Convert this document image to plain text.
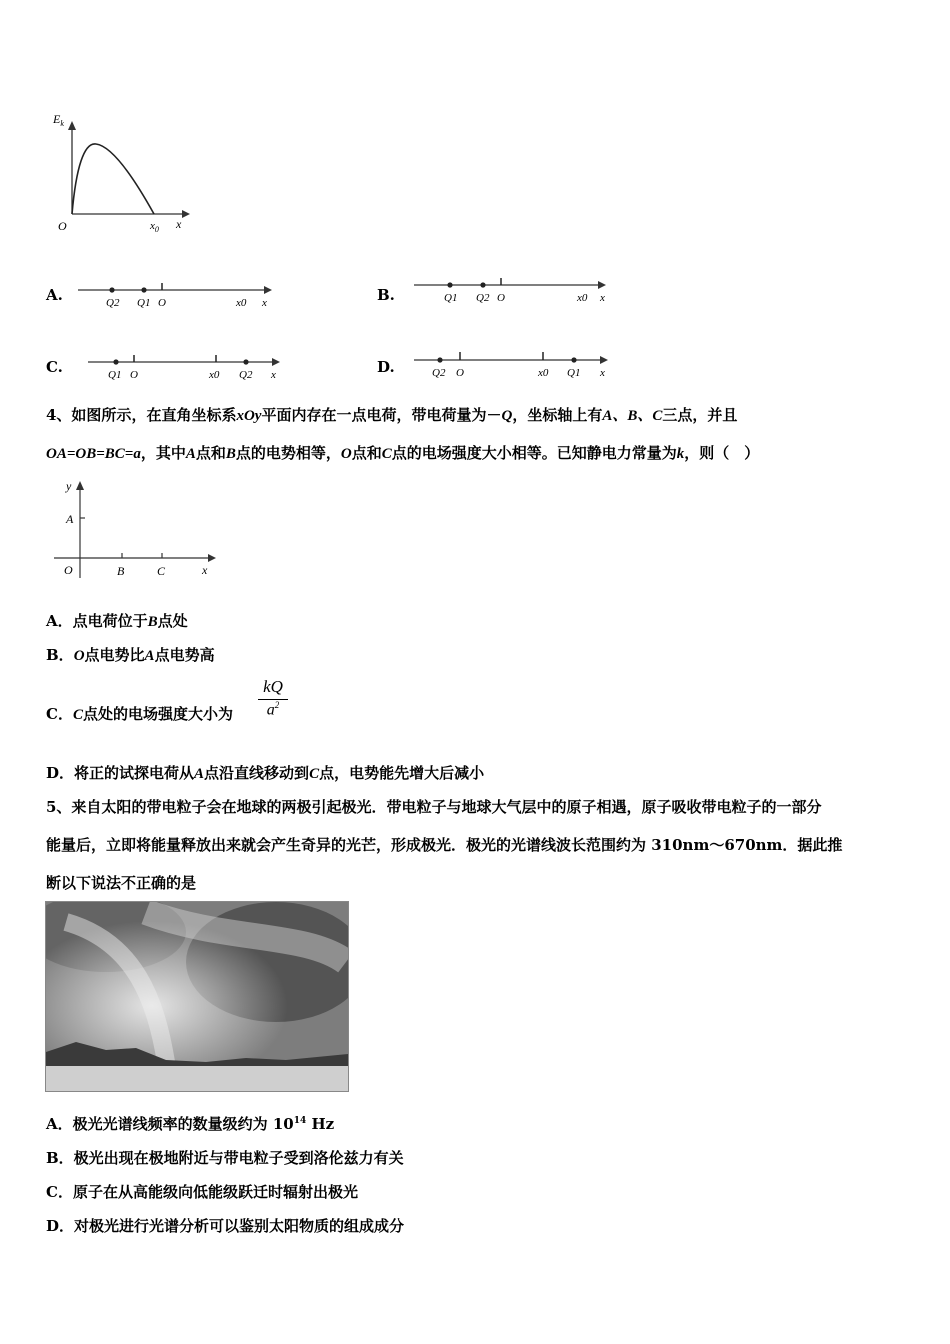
$E_k$
O	$x_0$ x
A.	Q2 Q1 O	x0 x	B.	Q1 Q2 O	x0 x
C.	Q1 O	x0 Q2 x	D.	Q2 O	x0 Q1 x
4、如图所示，在直角坐标系xOy平面内存在一点电荷，带电荷量为－Q，坐标轴上有A、B、C三点，并且
OA=OB=BC=a，其中A点和B点的电势相等，O点和C点的电场强度大小相等。已知静电力常量为k，则（　）
y
A
O	B	C	x
A．点电荷位于B点处
B．O点电势比A点电势高
C．C点处的电场强度大小为
kQ
$a^2$
D．将正的试探电荷从A点沿直线移动到C点，电势能先增大后减小
5、来自太阳的带电粒子会在地球的两极引起极光．带电粒子与地球大气层中的原子相遇，原子吸收带电粒子的一部分
能量后，立即将能量释放出来就会产生奇异的光芒，形成极光．极光的光谱线波长范围约为 310nm～670nm．据此推
断以下说法不正确的是
A．极光光谱线频率的数量级约为 $10^{14}$ Hz
B．极光出现在极地附近与带电粒子受到洛伦兹力有关
C．原子在从高能级向低能级跃迁时辐射出极光
D．对极光进行光谱分析可以鉴别太阳物质的组成成分
